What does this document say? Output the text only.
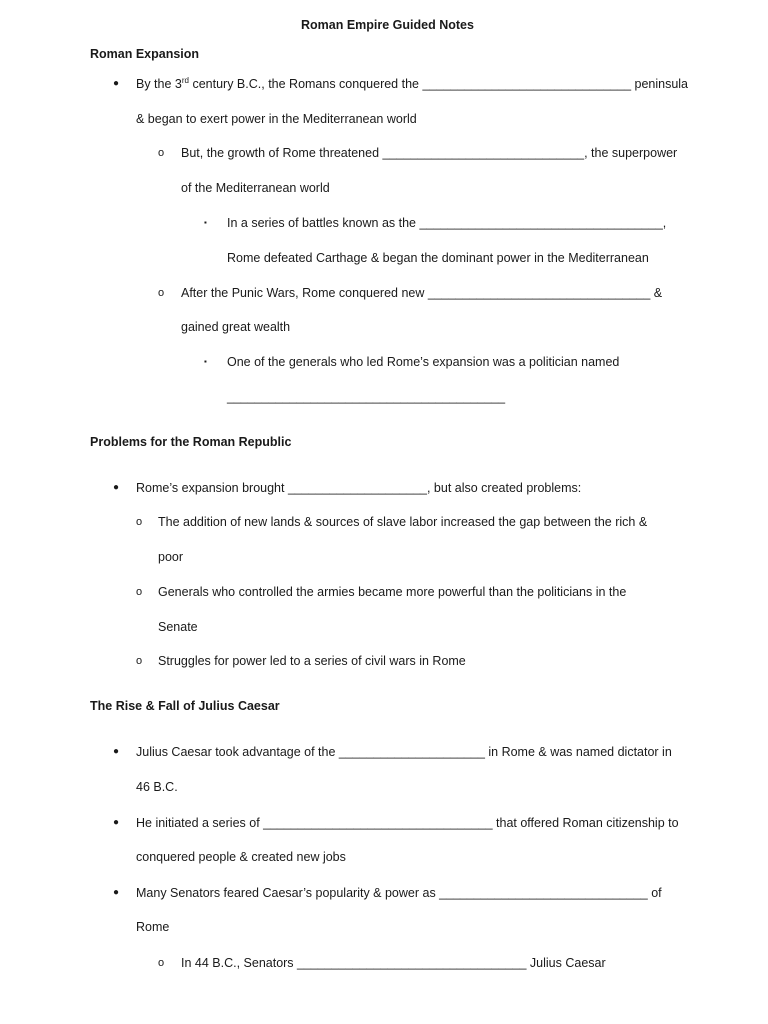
Roman Empire Guided Notes
Roman Expansion
● By the 3rd century B.C., the Romans conquered the ______________________________ peninsula
& began to exert power in the Mediterranean world
o But, the growth of Rome threatened _____________________________, the superpower
of the Mediterranean world
▪ In a series of battles known as the ___________________________________,
Rome defeated Carthage & began the dominant power in the Mediterranean
o After the Punic Wars, Rome conquered new ________________________________ &
gained great wealth
▪ One of the generals who led Rome’s expansion was a politician named
________________________________________
Problems for the Roman Republic
● Rome’s expansion brought ____________________, but also created problems:
o The addition of new lands & sources of slave labor increased the gap between the rich &
poor
o Generals who controlled the armies became more powerful than the politicians in the
Senate
o Struggles for power led to a series of civil wars in Rome
The Rise & Fall of Julius Caesar
● Julius Caesar took advantage of the _____________________ in Rome & was named dictator in
46 B.C.
● He initiated a series of _________________________________ that offered Roman citizenship to
conquered people & created new jobs
● Many Senators feared Caesar’s popularity & power as ______________________________ of
Rome
o In 44 B.C., Senators _________________________________ Julius Caesar
